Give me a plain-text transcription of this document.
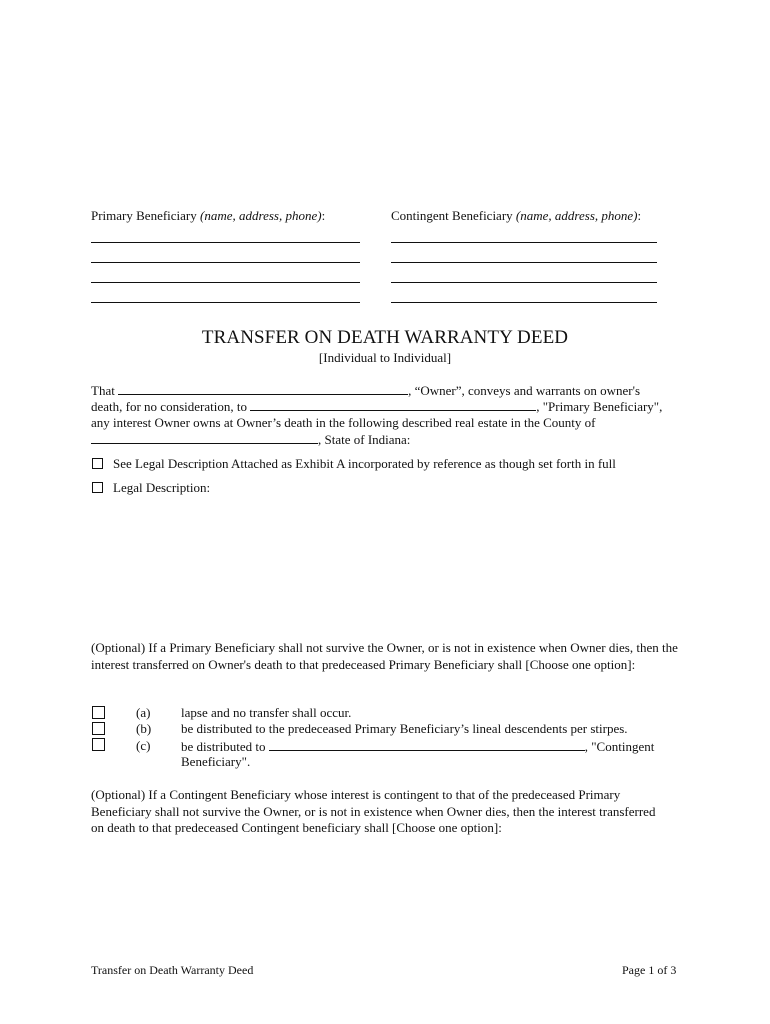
Primary Beneficiary (name, address, phone):	Contingent Beneficiary (name, address, phone):
TRANSFER ON DEATH WARRANTY DEED
[Individual to Individual]
That	, “Owner”, conveys and warrants on owner's
death, for no consideration, to	, "Primary Beneficiary",
any interest Owner owns at Owner’s death in the following described real estate in the County of
, State of Indiana:
See Legal Description Attached as Exhibit A incorporated by reference as though set forth in full
Legal Description:
(Optional) If a Primary Beneficiary shall not survive the Owner, or is not in existence when Owner dies, then the interest transferred on Owner's death to that predeceased Primary Beneficiary shall [Choose one option]:
(a) lapse and no transfer shall occur.
(b) be distributed to the predeceased Primary Beneficiary’s lineal descendents per stirpes.
(c) be distributed to	, "Contingent
Beneficiary".
(Optional) If a Contingent Beneficiary whose interest is contingent to that of the predeceased Primary Beneficiary shall not survive the Owner, or is not in existence when Owner dies, then the interest transferred on death to that predeceased Contingent beneficiary shall [Choose one option]:
Transfer on Death Warranty Deed	Page 1 of 3
